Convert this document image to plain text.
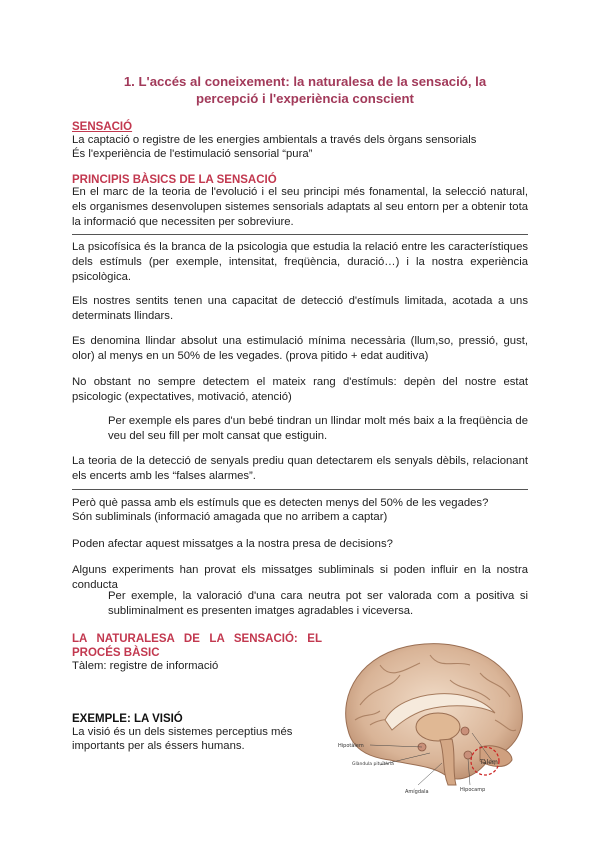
1. L'accés al coneixement: la naturalesa de la sensació, la
percepció i l'experiència conscient

SENSACIÓ

La captació o registre de les energies ambientals a través dels òrgans sensorials

És l'experiència de l'estimulació sensorial “pura”

PRINCIPIS BÀSICS DE LA SENSACIÓ

En el marc de la teoria de l'evolució i el seu principi més fonamental, la selecció natural, els organismes desenvolupen sistemes sensorials adaptats al seu entorn per a obtenir tota la informació que necessiten per sobreviure.

La psicofísica és la branca de la psicologia que estudia la relació entre les característiques dels estímuls (per exemple, intensitat, freqüència, duració…) i la nostra experiència psicològica.

Els nostres sentits tenen una capacitat de detecció d'estímuls limitada, acotada a uns determinats llindars.

Es denomina llindar absolut una estimulació mínima necessària (llum,so, pressió, gust, olor) al menys en un 50% de les vegades. (prova pitido + edat auditiva)

No obstant no sempre detectem el mateix rang d'estímuls: depèn del nostre estat psicologic (expectatives, motivació, atenció)

Per exemple els pares d'un bebé tindran un llindar molt més baix a la freqüència de veu del seu fill per molt cansat que estiguin.

La teoria de la detecció de senyals prediu quan detectarem els senyals dèbils, relacionant els encerts amb les “falses alarmes”.

Però què passa amb els estímuls que es detecten menys del 50% de les vegades?

Són subliminals (informació amagada que no arribem a captar)

Poden afectar aquest missatges a la nostra presa de decisions?

Alguns experiments han provat els missatges subliminals si poden influir en la nostra conducta

Per exemple, la valoració d'una cara neutra pot ser valorada com a positiva si subliminalment es presenten imatges agradables i viceversa.

LA NATURALESA DE LA SENSACIÓ: EL
PROCÉS BÀSIC

Tàlem: registre de informació

EXEMPLE: LA VISIÓ

La visió és un dels sistemes perceptius més

importants per als éssers humans.

Tàlem
Hipotàlem
Glàndula pituïtària
Amígdala	Hipocamp
